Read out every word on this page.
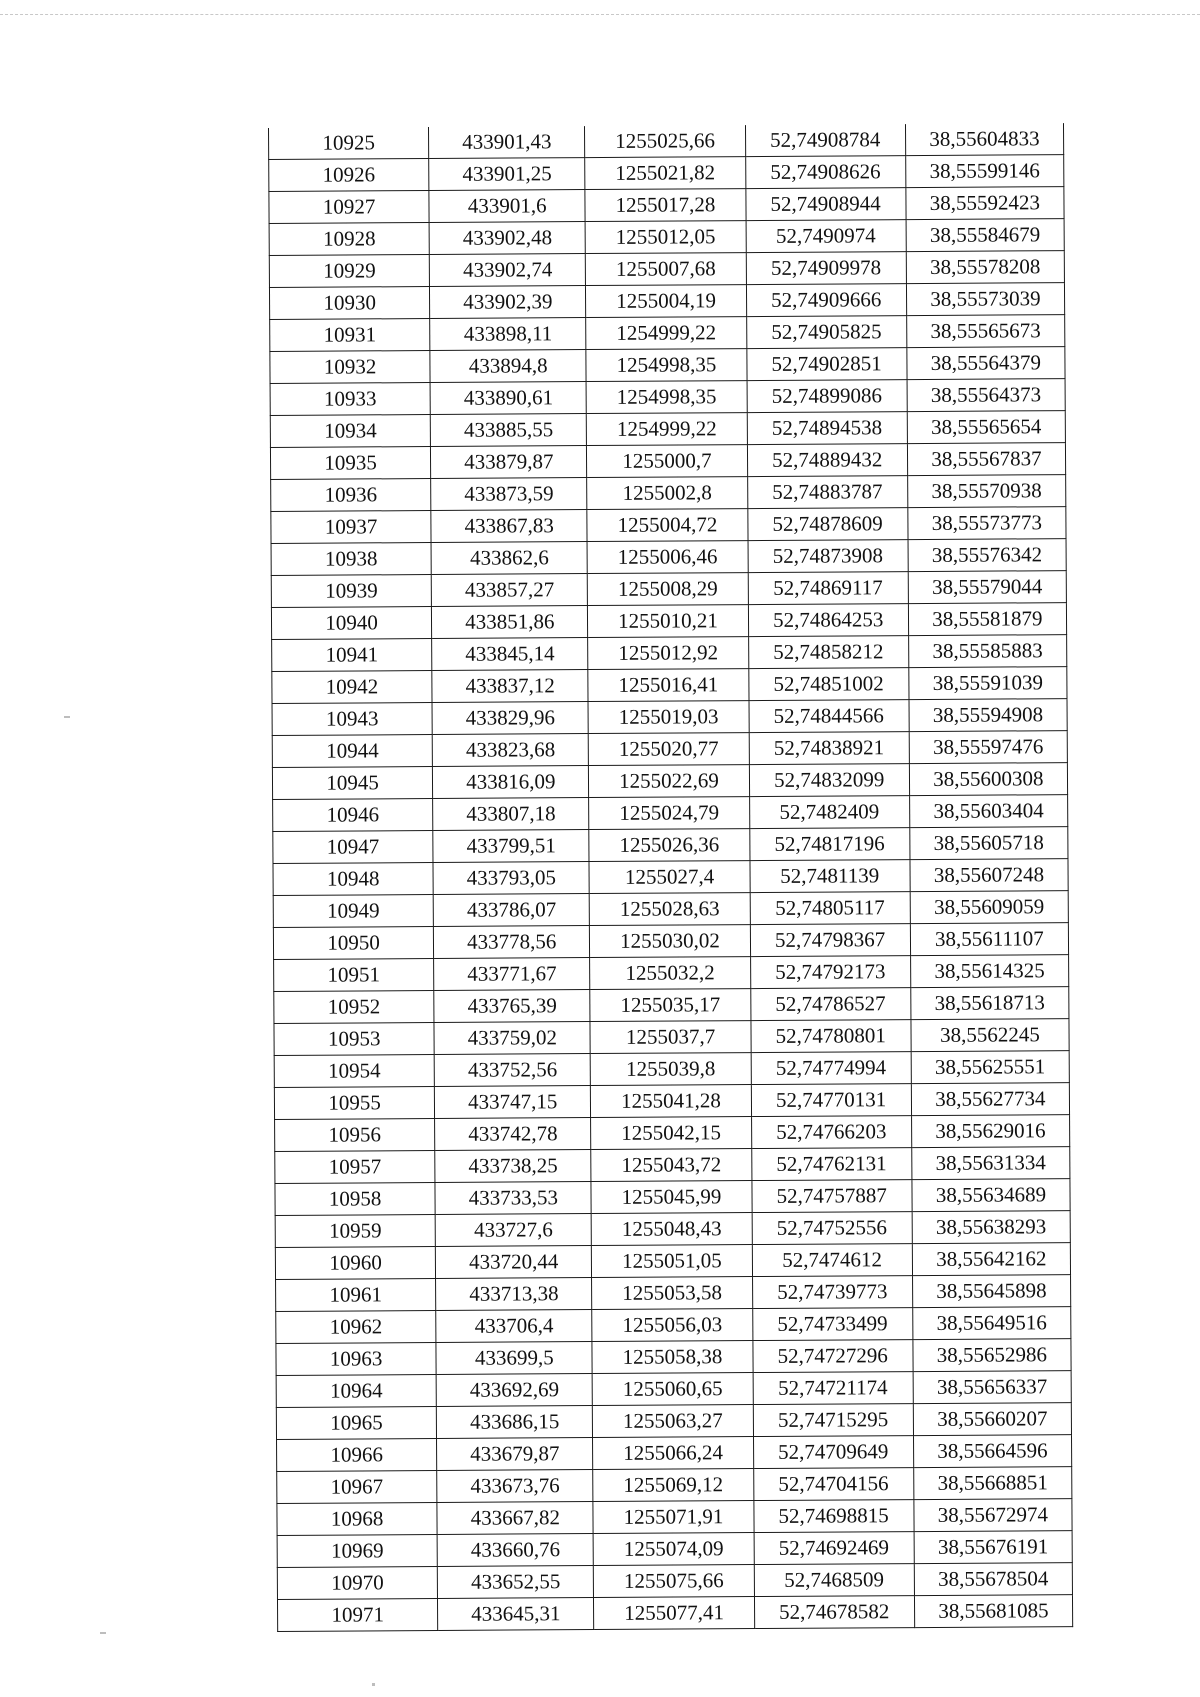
10925	433901,43	1255025,66	52,74908784	38,55604833
10926	433901,25	1255021,82	52,74908626	38,55599146
10927	433901,6	1255017,28	52,74908944	38,55592423
10928	433902,48	1255012,05	52,7490974	38,55584679
10929	433902,74	1255007,68	52,74909978	38,55578208
10930	433902,39	1255004,19	52,74909666	38,55573039
10931	433898,11	1254999,22	52,74905825	38,55565673
10932	433894,8	1254998,35	52,74902851	38,55564379
10933	433890,61	1254998,35	52,74899086	38,55564373
10934	433885,55	1254999,22	52,74894538	38,55565654
10935	433879,87	1255000,7	52,74889432	38,55567837
10936	433873,59	1255002,8	52,74883787	38,55570938
10937	433867,83	1255004,72	52,74878609	38,55573773
10938	433862,6	1255006,46	52,74873908	38,55576342
10939	433857,27	1255008,29	52,74869117	38,55579044
10940	433851,86	1255010,21	52,74864253	38,55581879
10941	433845,14	1255012,92	52,74858212	38,55585883
10942	433837,12	1255016,41	52,74851002	38,55591039
10943	433829,96	1255019,03	52,74844566	38,55594908
10944	433823,68	1255020,77	52,74838921	38,55597476
10945	433816,09	1255022,69	52,74832099	38,55600308
10946	433807,18	1255024,79	52,7482409	38,55603404
10947	433799,51	1255026,36	52,74817196	38,55605718
10948	433793,05	1255027,4	52,7481139	38,55607248
10949	433786,07	1255028,63	52,74805117	38,55609059
10950	433778,56	1255030,02	52,74798367	38,55611107
10951	433771,67	1255032,2	52,74792173	38,55614325
10952	433765,39	1255035,17	52,74786527	38,55618713
10953	433759,02	1255037,7	52,74780801	38,5562245
10954	433752,56	1255039,8	52,74774994	38,55625551
10955	433747,15	1255041,28	52,74770131	38,55627734
10956	433742,78	1255042,15	52,74766203	38,55629016
10957	433738,25	1255043,72	52,74762131	38,55631334
10958	433733,53	1255045,99	52,74757887	38,55634689
10959	433727,6	1255048,43	52,74752556	38,55638293
10960	433720,44	1255051,05	52,7474612	38,55642162
10961	433713,38	1255053,58	52,74739773	38,55645898
10962	433706,4	1255056,03	52,74733499	38,55649516
10963	433699,5	1255058,38	52,74727296	38,55652986
10964	433692,69	1255060,65	52,74721174	38,55656337
10965	433686,15	1255063,27	52,74715295	38,55660207
10966	433679,87	1255066,24	52,74709649	38,55664596
10967	433673,76	1255069,12	52,74704156	38,55668851
10968	433667,82	1255071,91	52,74698815	38,55672974
10969	433660,76	1255074,09	52,74692469	38,55676191
10970	433652,55	1255075,66	52,7468509	38,55678504
10971	433645,31	1255077,41	52,74678582	38,55681085
